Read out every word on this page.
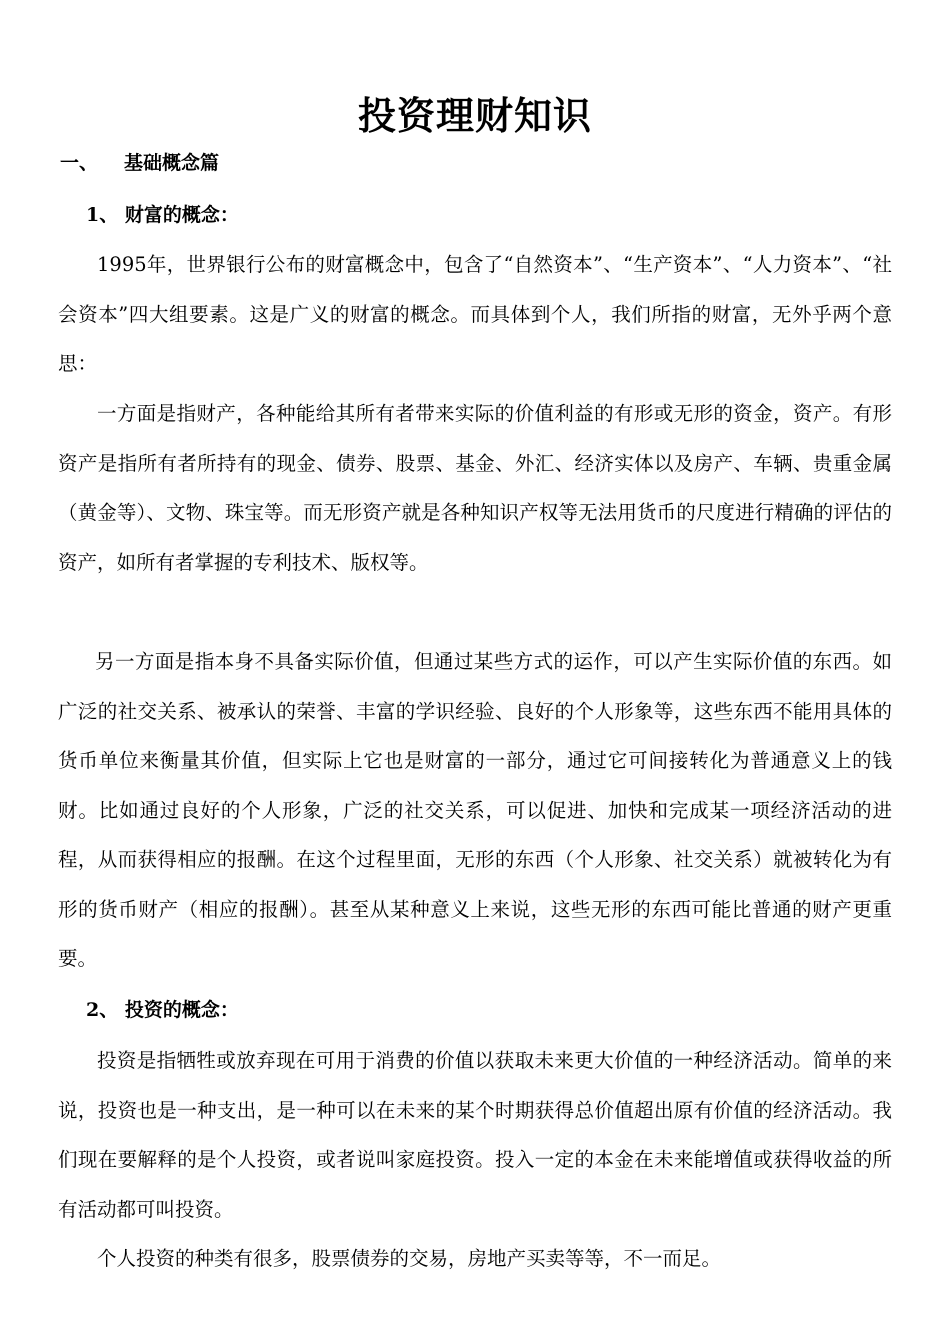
投资理财知识
一、 基础概念篇
1、 财富的概念：

1995年，世界银行公布的财富概念中，包含了“自然资本”、“生产资本”、“人力资本”、“社会资本”四大组要素。这是广义的财富的概念。而具体到个人，我们所指的财富，无外乎两个意思：

一方面是指财产，各种能给其所有者带来实际的价值利益的有形或无形的资金，资产。有形资产是指所有者所持有的现金、债券、股票、基金、外汇、经济实体以及房产、车辆、贵重金属（黄金等）、文物、珠宝等。而无形资产就是各种知识产权等无法用货币的尺度进行精确的评估的资产，如所有者掌握的专利技术、版权等。

另一方面是指本身不具备实际价值，但通过某些方式的运作，可以产生实际价值的东西。如广泛的社交关系、被承认的荣誉、丰富的学识经验、良好的个人形象等，这些东西不能用具体的货币单位来衡量其价值，但实际上它也是财富的一部分，通过它可间接转化为普通意义上的钱财。比如通过良好的个人形象，广泛的社交关系，可以促进、加快和完成某一项经济活动的进程，从而获得相应的报酬。在这个过程里面，无形的东西（个人形象、社交关系）就被转化为有形的货币财产（相应的报酬）。甚至从某种意义上来说，这些无形的东西可能比普通的财产更重要。

2、 投资的概念：

投资是指牺牲或放弃现在可用于消费的价值以获取未来更大价值的一种经济活动。简单的来说，投资也是一种支出，是一种可以在未来的某个时期获得总价值超出原有价值的经济活动。我们现在要解释的是个人投资，或者说叫家庭投资。投入一定的本金在未来能增值或获得收益的所有活动都可叫投资。

个人投资的种类有很多，股票债券的交易，房地产买卖等等，不一而足。
